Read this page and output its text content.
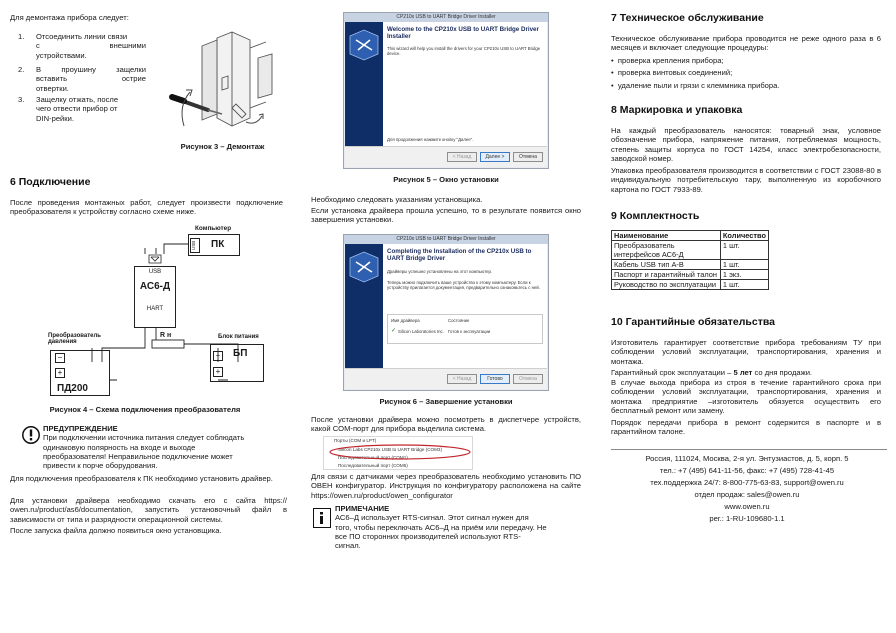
Для демонтажа прибора следует:
1.	Отсоединить линии связи
с	внешними
устройствами.
2.	В	проушину	защелки
вставить	острие
отвертки.
3.	Защелку отжать, после
чего отвести прибор от
DIN-рейки.
Рисунок 3 – Демонтаж
6 Подключение

После проведения монтажных работ, следует произвести подключение преобразователя к устройству согласно схеме ниже.

Компьютер
USB	ПК
USB
АС6-Д
HART
R н
Преобразователь давления
−
+
ПД200
Блок питания
−
+
БП
Рисунок 4 – Схема подключения преобразователя
ПРЕДУПРЕЖДЕНИЕ
При подключении источника питания следует соблюдать
одинаковую полярность на входе и выходе
преобразователя! Неправильное подключение может
привести к порче оборудования.

Для подключения преобразователя к ПК необходимо установить драйвер.

Для установки драйвера необходимо скачать его с сайта https:// owen.ru/product/as6/documentation, запустить установочный файл в зависимости от типа и разрядности операционной системы.

После запуска файла должно появиться окно установщика.

CP210x USB to UART Bridge Driver Installer
Welcome to the CP210x USB to UART Bridge Driver Installer
This wizard will help you install the drivers for your CP210x USB to UART Bridge device.
Для продолжения нажмите кнопку "Далее".
< Назад	Далее >	Отмена
Рисунок 5 – Окно установки
Необходимо следовать указаниям установщика.

Если установка драйвера прошла успешно, то в результате появится окно завершения установки.

CP210x USB to UART Bridge Driver Installer
Completing the Installation of the CP210x USB to UART Bridge Driver
Драйверы успешно установлены на этот компьютер.
Теперь можно подключить ваше устройство к этому компьютеру. Если к устройству прилагается документация, предварительно ознакомьтесь с ней.
Имя драйвера	Состояние
✓ Silicon Laboratories Inc. Готов к эксплуатации
< Назад	Готово	Отмена
Рисунок 6 – Завершение установки

После установки драйвера можно посмотреть в диспетчере устройств, какой COM-порт для прибора выделила система.

Порты (COM и LPT)
Silicon Labs CP210x USB to UART Bridge (COM3)
Последовательный порт (COM1)
Последовательный порт (COM5)

Для связи с датчиками через преобразователь необходимо установить ПО ОВЕН конфигуратор. Инструкция по конфигуратору расположена на сайте https://owen.ru/product/owen_configurator

ПРИМЕЧАНИЕ
АС6–Д использует RTS-сигнал. Этот сигнал нужен для
того, чтобы переключать АС6–Д на приём или передачу. Не
все ПО сторонних производителей используют RTS-
сигнал.
7 Техническое обслуживание

Техническое обслуживание прибора проводится не реже одного раза в 6 месяцев и включает следующие процедуры:

•  проверка крепления прибора;
•  проверка винтовых соединений;
•  удаление пыли и грязи с клеммника прибора.
8 Маркировка и упаковка

На каждый преобразователь наносятся: товарный знак, условное обозначение прибора, напряжение питания, потребляемая мощность, степень защиты корпуса по ГОСТ 14254, класс электробезопасности, заводской номер.

Упаковка преобразователя производится в соответствии с ГОСТ 23088-80 в индивидуальную потребительскую тару, выполненную из коробочного картона по ГОСТ 7933-89.

9 Комплектность
Наименование	Количество
Преобразователь интерфейсов АС6-Д	1 шт.
Кабель USB тип A-B	1 шт.
Паспорт и гарантийный талон	1 экз.
Руководство по эксплуатации	1 шт.
10 Гарантийные обязательства

Изготовитель гарантирует соответствие прибора требованиям ТУ при соблюдении условий эксплуатации, транспортирования, хранения и монтажа.

Гарантийный срок эксплуатации – 5 лет со дня продажи.

В случае выхода прибора из строя в течение гарантийного срока при соблюдении условий эксплуатации, транспортирования, хранения и монтажа предприятие –изготовитель обязуется осуществить его бесплатный ремонт или замену.

Порядок передачи прибора в ремонт содержится в паспорте и в гарантийном талоне.

Россия, 111024, Москва, 2-я ул. Энтузиастов, д. 5, корп. 5
тел.: +7 (495) 641-11-56, факс: +7 (495) 728-41-45
тех.поддержка 24/7: 8-800-775-63-83, support@owen.ru
отдел продаж: sales@owen.ru
www.owen.ru
рег.: 1-RU-109680-1.1
